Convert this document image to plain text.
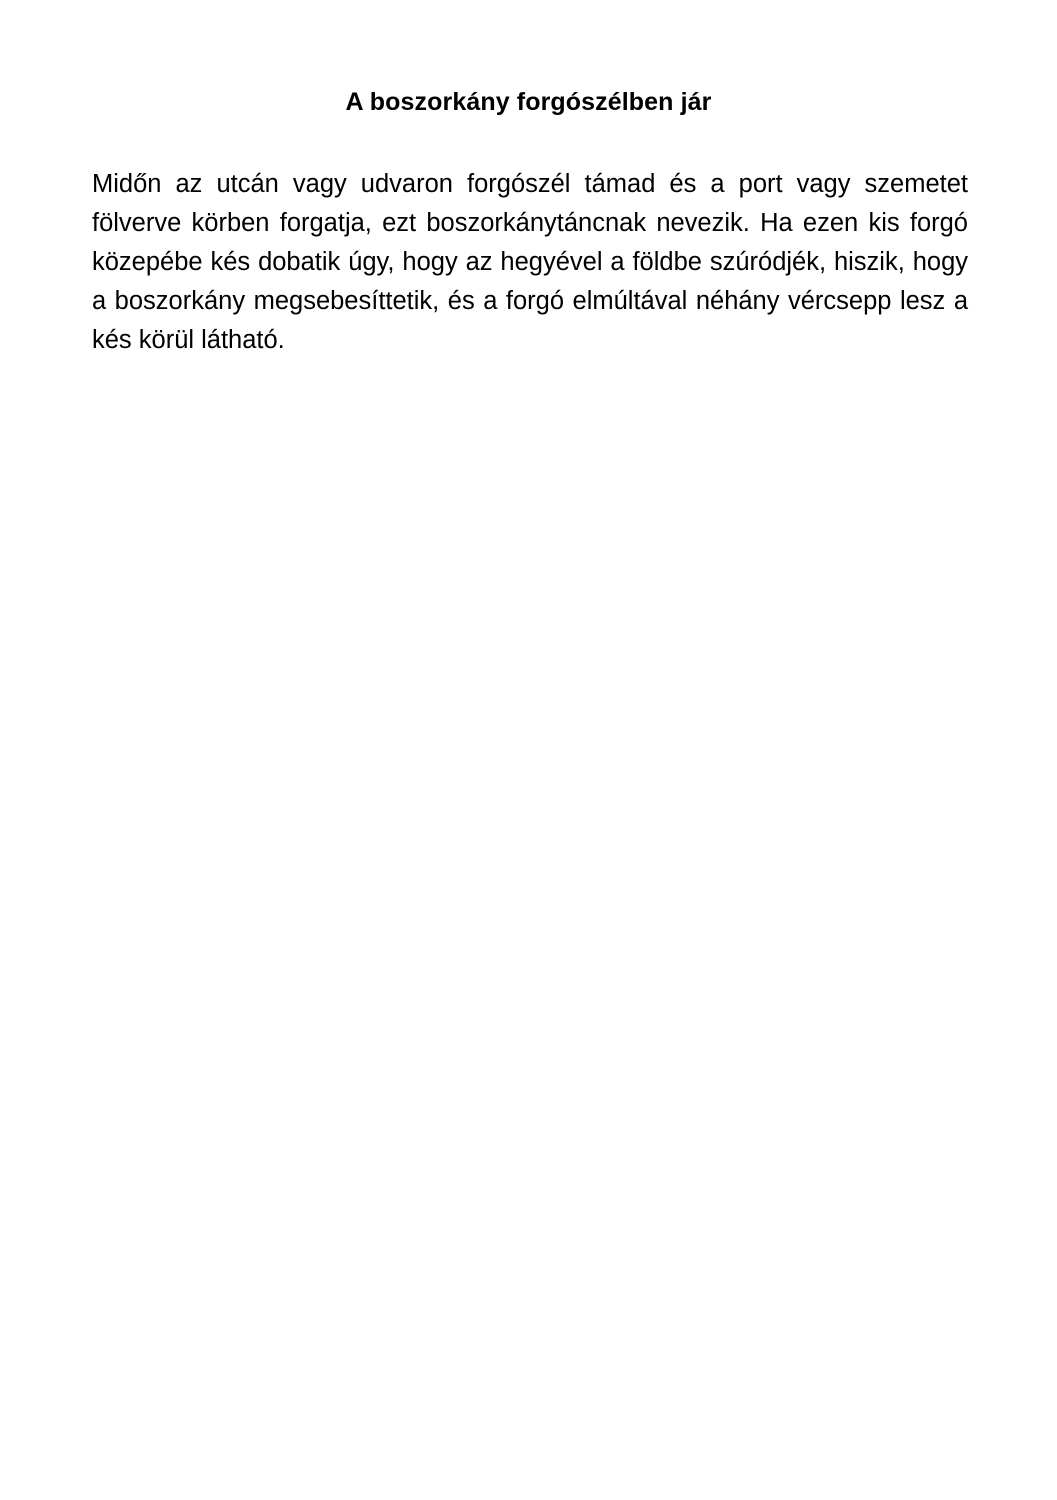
A boszorkány forgószélben jár

Midőn az utcán vagy udvaron forgószél támad és a port vagy szemetet fölverve körben forgatja, ezt boszorkánytáncnak nevezik. Ha ezen kis forgó közepébe kés dobatik úgy, hogy az hegyével a földbe szúródjék, hiszik, hogy a boszorkány megsebesíttetik, és a forgó elmúltával néhány vércsepp lesz a kés körül látható.
